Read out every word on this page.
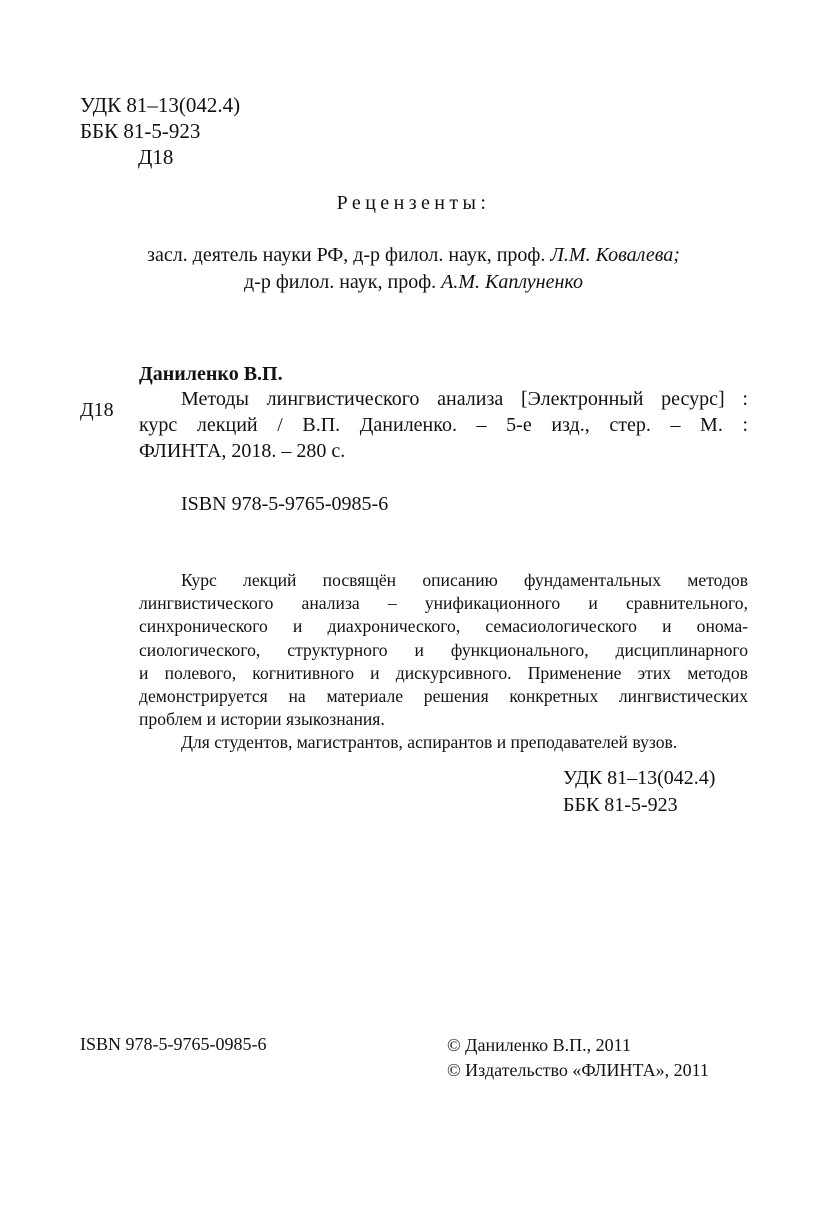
УДК 81–13(042.4)
ББК 81-5-923
Д18
Рецензенты:
засл. деятель науки РФ, д-р филол. наук, проф. Л.М. Ковалева;
д-р филол. наук, проф. А.М. Каплуненко
Даниленко В.П.
Д18	Методы лингвистического анализа [Электронный ресурс] :
курс лекций / В.П. Даниленко. – 5-е изд., стер. – М. :
ФЛИНТА, 2018. – 280 с.
ISBN 978-5-9765-0985-6
Курс лекций посвящён описанию фундаментальных методов
лингвистического анализа – унификационного и сравнительного,
синхронического и диахронического, семасиологического и онома-
сиологического, структурного и функционального, дисциплинарного
и полевого, когнитивного и дискурсивного. Применение этих методов
демонстрируется на материале решения конкретных лингвистических
проблем и истории языкознания.
Для студентов, магистрантов, аспирантов и преподавателей вузов.
УДК 81–13(042.4)
ББК 81-5-923
ISBN 978-5-9765-0985-6	© Даниленко В.П., 2011
© Издательство «ФЛИНТА», 2011
